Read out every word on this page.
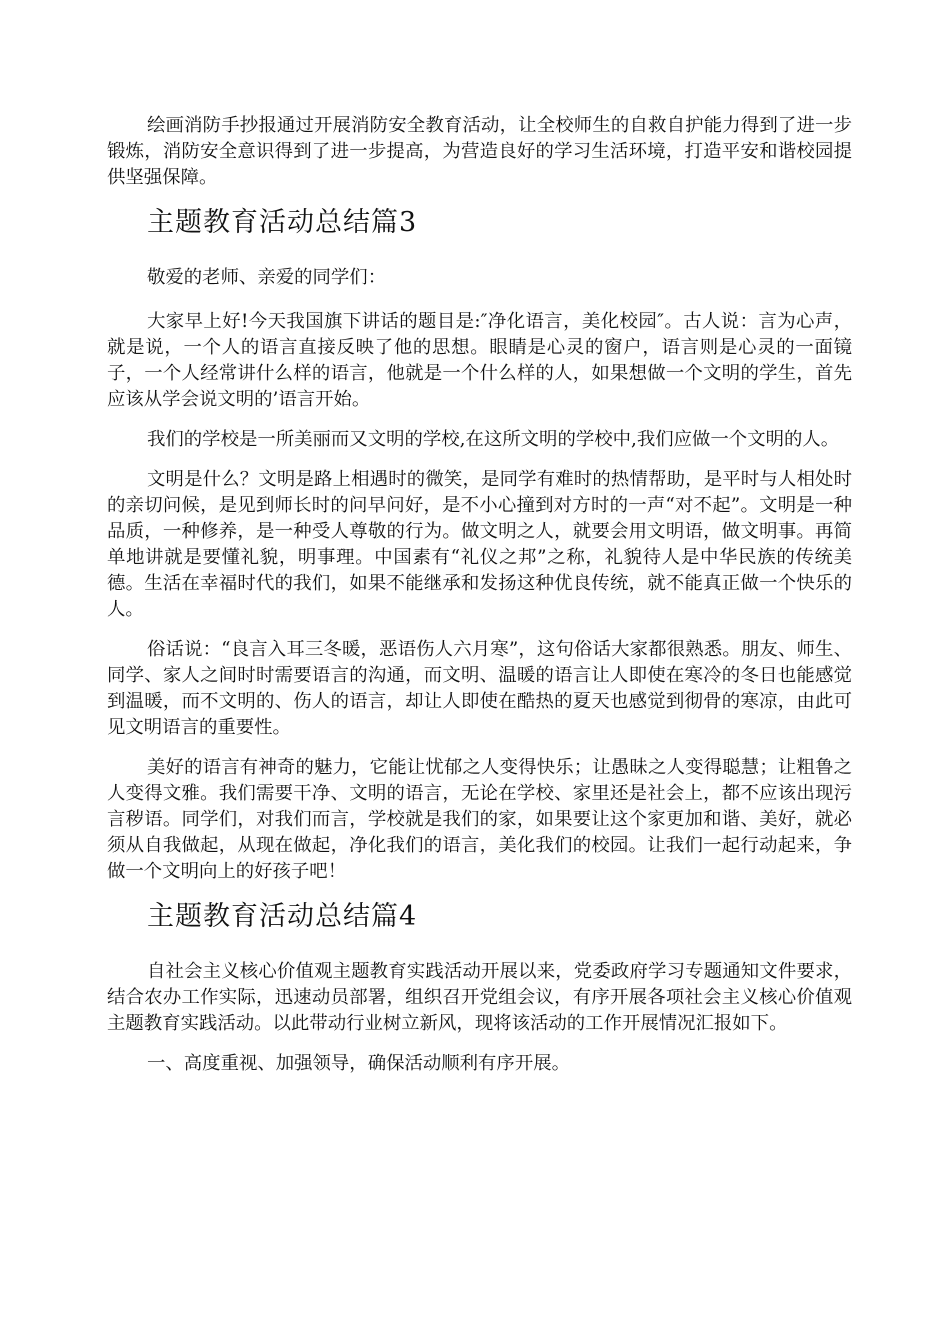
绘画消防手抄报通过开展消防安全教育活动，让全校师生的自救自护能力得到了进一步锻炼，消防安全意识得到了进一步提高，为营造良好的学习生活环境，打造平安和谐校园提供坚强保障。

主题教育活动总结篇3

敬爱的老师、亲爱的同学们：

大家早上好!今天我国旗下讲话的题目是:″净化语言，美化校园″。古人说：言为心声，就是说，一个人的语言直接反映了他的思想。眼睛是心灵的窗户，语言则是心灵的一面镜子，一个人经常讲什么样的语言，他就是一个什么样的人，如果想做一个文明的学生，首先应该从学会说文明的’语言开始。

我们的学校是一所美丽而又文明的学校,在这所文明的学校中,我们应做一个文明的人。

文明是什么？文明是路上相遇时的微笑，是同学有难时的热情帮助，是平时与人相处时的亲切问候，是见到师长时的问早问好，是不小心撞到对方时的一声“对不起”。文明是一种品质，一种修养，是一种受人尊敬的行为。做文明之人，就要会用文明语，做文明事。再简单地讲就是要懂礼貌，明事理。中国素有“礼仪之邦”之称，礼貌待人是中华民族的传统美德。生活在幸福时代的我们，如果不能继承和发扬这种优良传统，就不能真正做一个快乐的人。

俗话说：“良言入耳三冬暖，恶语伤人六月寒”，这句俗话大家都很熟悉。朋友、师生、同学、家人之间时时需要语言的沟通，而文明、温暖的语言让人即使在寒冷的冬日也能感觉到温暖，而不文明的、伤人的语言，却让人即使在酷热的夏天也感觉到彻骨的寒凉，由此可见文明语言的重要性。

美好的语言有神奇的魅力，它能让忧郁之人变得快乐；让愚昧之人变得聪慧；让粗鲁之人变得文雅。我们需要干净、文明的语言，无论在学校、家里还是社会上，都不应该出现污言秽语。同学们，对我们而言，学校就是我们的家，如果要让这个家更加和谐、美好，就必须从自我做起，从现在做起，净化我们的语言，美化我们的校园。让我们一起行动起来，争做一个文明向上的好孩子吧！

主题教育活动总结篇4

自社会主义核心价值观主题教育实践活动开展以来，党委政府学习专题通知文件要求，结合农办工作实际，迅速动员部署，组织召开党组会议，有序开展各项社会主义核心价值观主题教育实践活动。以此带动行业树立新风，现将该活动的工作开展情况汇报如下。

一、高度重视、加强领导，确保活动顺利有序开展。
